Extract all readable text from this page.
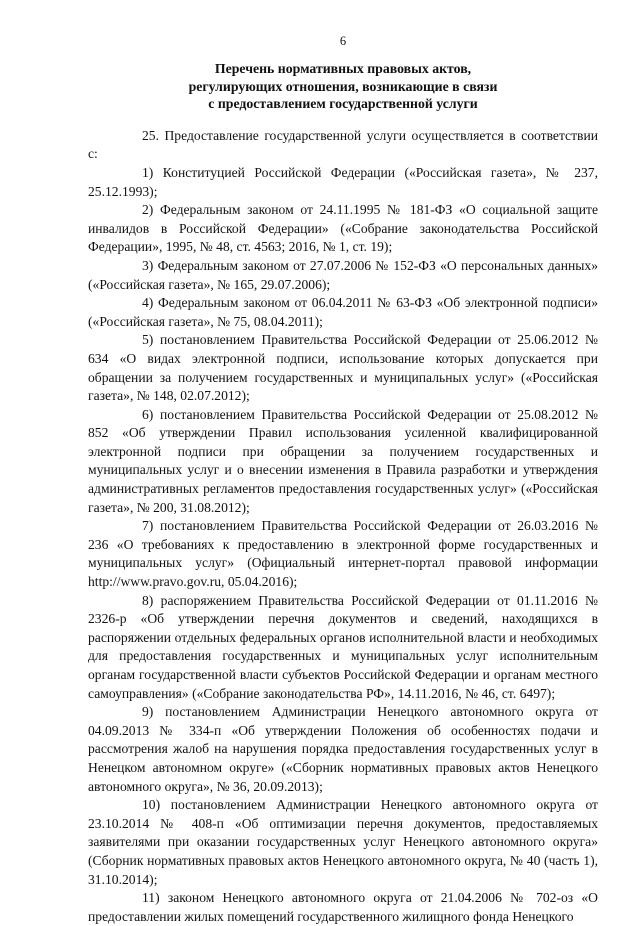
6
Перечень нормативных правовых актов,
регулирующих отношения, возникающие в связи
с предоставлением государственной услуги

25. Предоставление государственной услуги осуществляется в соответствии с:

1) Конституцией Российской Федерации («Российская газета», № 237, 25.12.1993);

2) Федеральным законом от 24.11.1995 № 181-ФЗ «О социальной защите инвалидов в Российской Федерации» («Собрание законодательства Российской Федерации», 1995, № 48, ст. 4563; 2016, № 1, ст. 19);

3) Федеральным законом от 27.07.2006 № 152-ФЗ «О персональных данных» («Российская газета», № 165, 29.07.2006);

4) Федеральным законом от 06.04.2011 № 63-ФЗ «Об электронной подписи» («Российская газета», № 75, 08.04.2011);

5) постановлением Правительства Российской Федерации от 25.06.2012 № 634 «О видах электронной подписи, использование которых допускается при обращении за получением государственных и муниципальных услуг» («Российская газета», № 148, 02.07.2012);

6) постановлением Правительства Российской Федерации от 25.08.2012 № 852 «Об утверждении Правил использования усиленной квалифицированной электронной подписи при обращении за получением государственных и муниципальных услуг и о внесении изменения в Правила разработки и утверждения административных регламентов предоставления государственных услуг» («Российская газета», № 200, 31.08.2012);

7) постановлением Правительства Российской Федерации от 26.03.2016 № 236 «О требованиях к предоставлению в электронной форме государственных и муниципальных услуг» (Официальный интернет-портал правовой информации http://www.pravo.gov.ru, 05.04.2016);

8) распоряжением Правительства Российской Федерации от 01.11.2016 № 2326-р «Об утверждении перечня документов и сведений, находящихся в распоряжении отдельных федеральных органов исполнительной власти и необходимых для предоставления государственных и муниципальных услуг исполнительным органам государственной власти субъектов Российской Федерации и органам местного самоуправления» («Собрание законодательства РФ», 14.11.2016, № 46, ст. 6497);

9) постановлением Администрации Ненецкого автономного округа от 04.09.2013 № 334-п «Об утверждении Положения об особенностях подачи и рассмотрения жалоб на нарушения порядка предоставления государственных услуг в Ненецком автономном округе» («Сборник нормативных правовых актов Ненецкого автономного округа», № 36, 20.09.2013);

10) постановлением Администрации Ненецкого автономного округа от 23.10.2014 № 408-п «Об оптимизации перечня документов, предоставляемых заявителями при оказании государственных услуг Ненецкого автономного округа» (Сборник нормативных правовых актов Ненецкого автономного округа, № 40 (часть 1), 31.10.2014);

11) законом Ненецкого автономного округа от 21.04.2006 № 702-оз «О предоставлении жилых помещений государственного жилищного фонда Ненецкого
